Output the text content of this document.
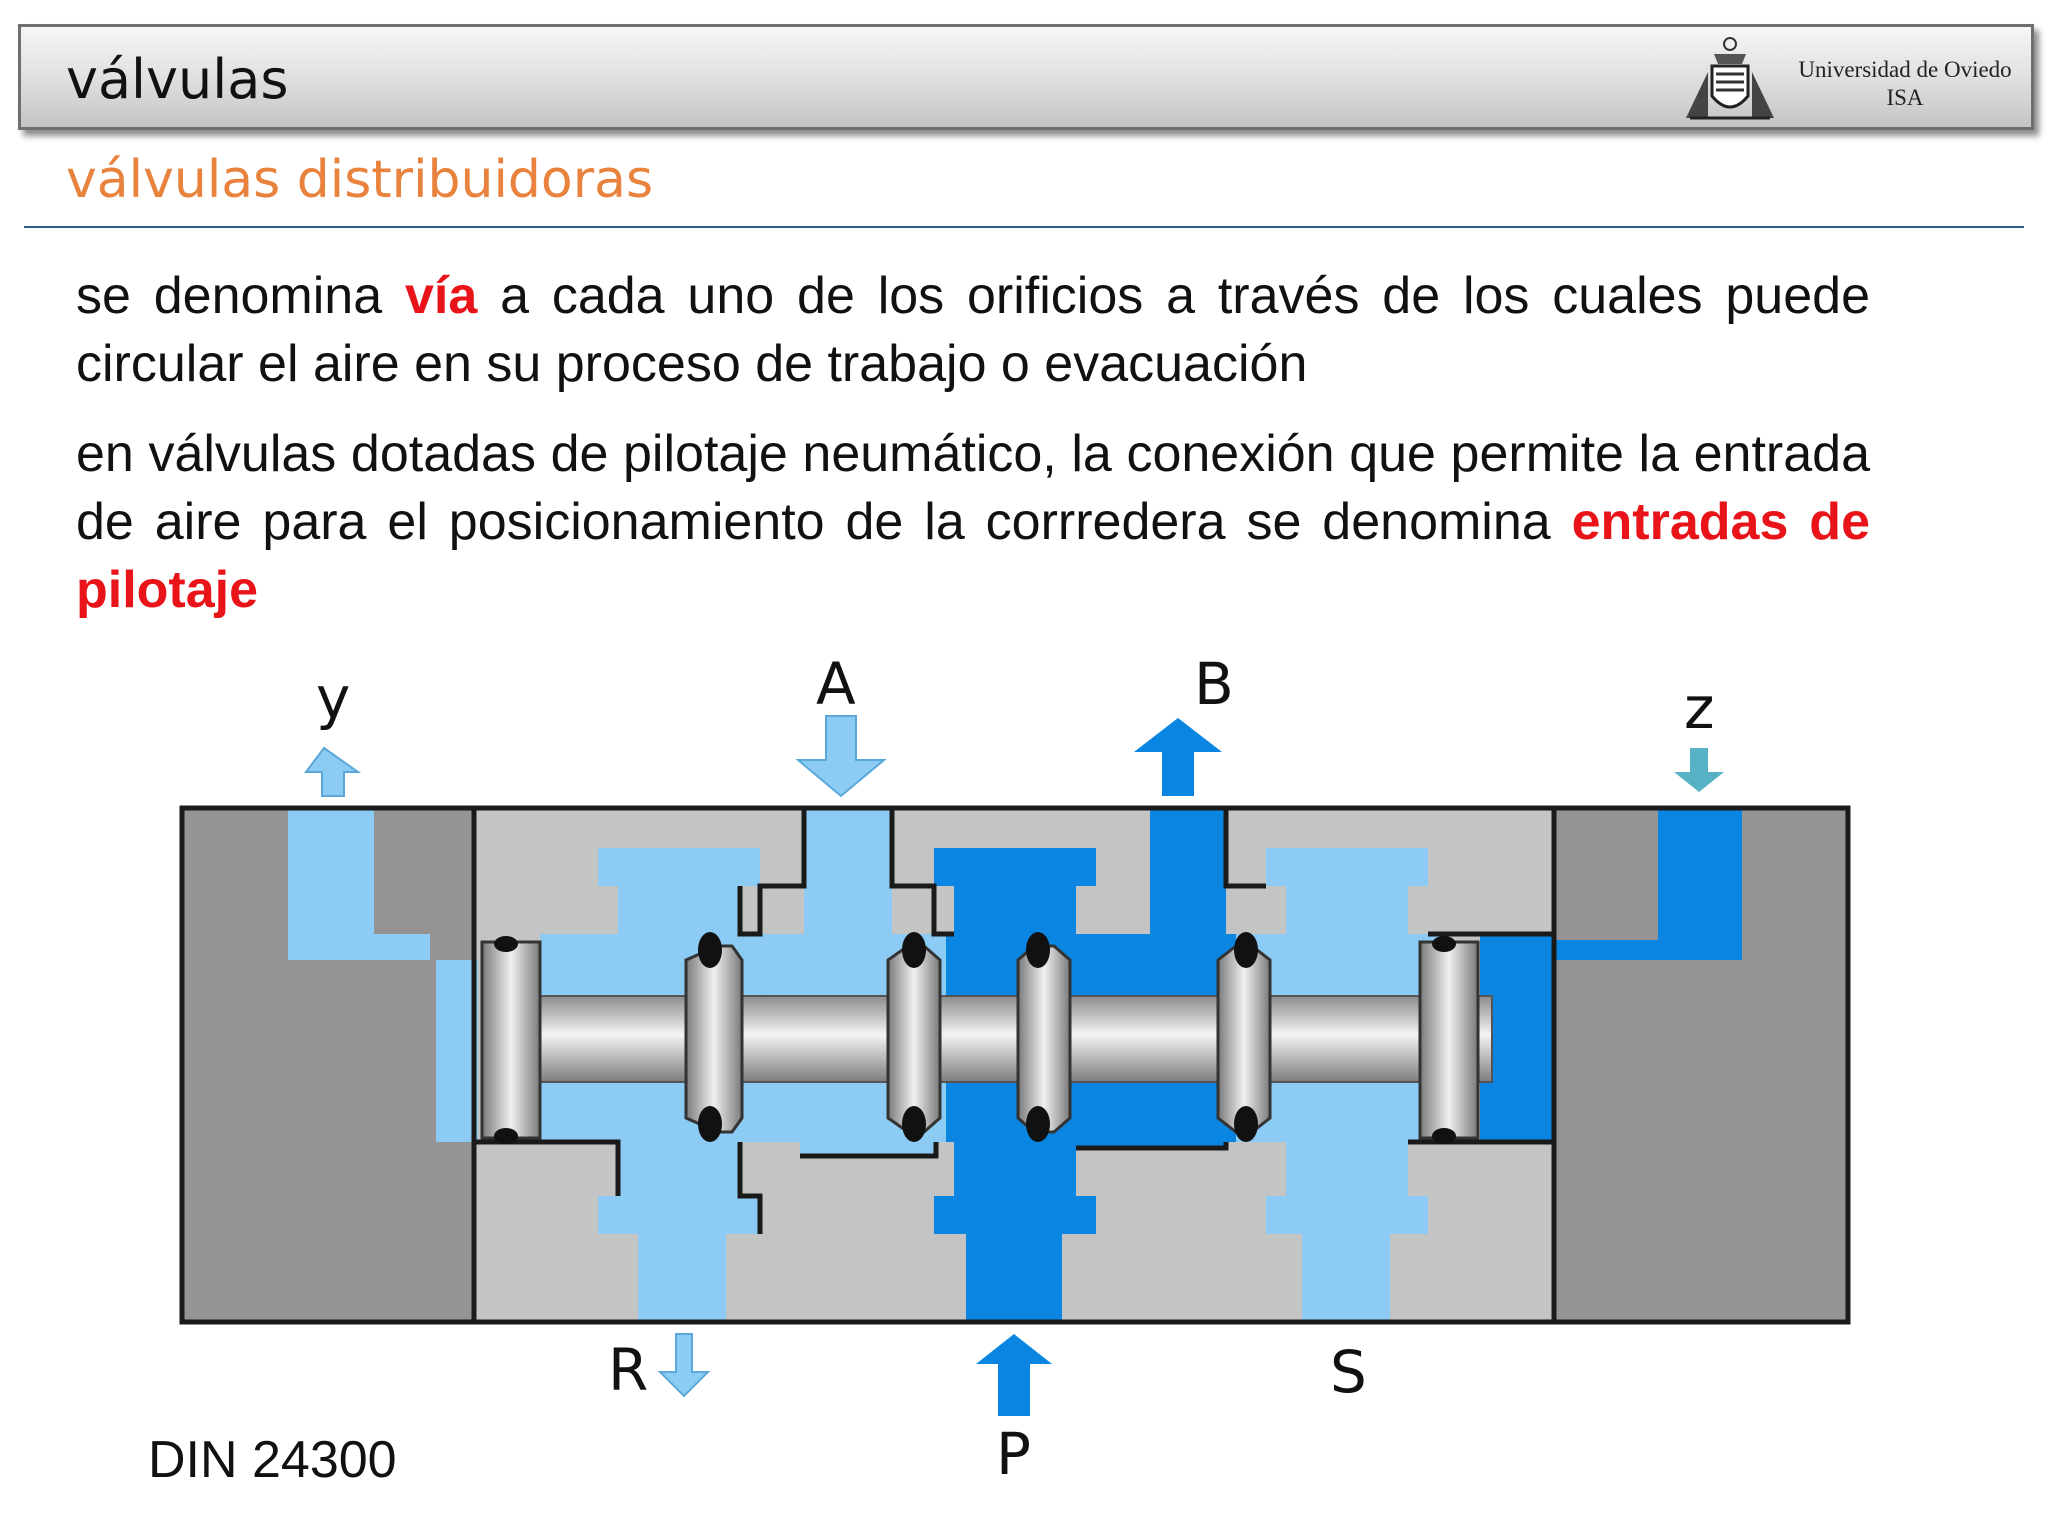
válvulas	Universidad de Oviedo
ISA
válvulas distribuidoras
se denomina vía a cada uno de los orificios a través de los cuales puede circular el aire en su proceso de trabajo o evacuación
en válvulas dotadas de pilotaje neumático, la conexión que permite la entrada de aire para el posicionamiento de la corrredera se denomina entradas de pilotaje
y	A	B	z
R	S
P
DIN 24300
